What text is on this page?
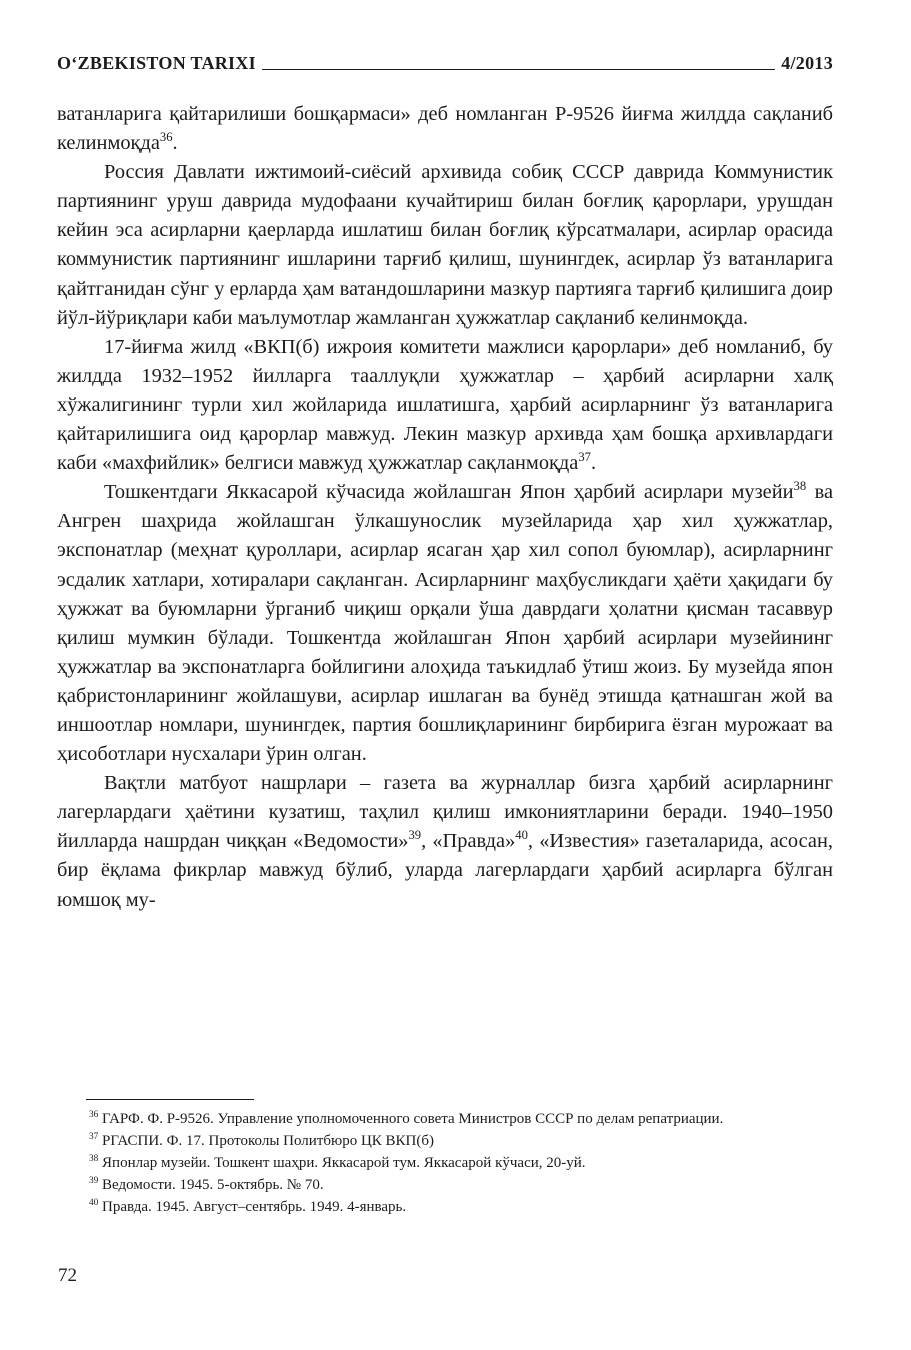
O‘ZBEKISTON TARIXI	4/2013

ватанларига қайтарилиши бошқармаси» деб номланган Р-9526 йиғма жилдда сақланиб келинмоқда$^{36}$.

Россия Давлати ижтимоий-сиёсий архивида собиқ СССР даврида Коммунистик партиянинг уруш даврида мудофаани кучайтириш билан боғлиқ қарорлари, урушдан кейин эса асирларни қаерларда ишлатиш билан боғлиқ кўрсатмалари, асирлар орасида коммунистик партиянинг ишларини тарғиб қилиш, шунингдек, асирлар ўз ватанларига қайтганидан сўнг у ерларда ҳам ватандошларини мазкур партияга тарғиб қилишига доир йўл-йўриқлари каби маълумотлар жамланган ҳужжатлар сақланиб келинмоқда.

17-йиғма жилд «ВКП(б) ижроия комитети мажлиси қарорлари» деб номланиб, бу жилдда 1932–1952 йилларга тааллуқли ҳужжатлар – ҳарбий асирларни халқ хўжалигининг турли хил жойларида ишлатишга, ҳарбий асирларнинг ўз ватанларига қайтарилишига оид қарорлар мавжуд. Лекин мазкур архивда ҳам бошқа архивлардаги каби «махфийлик» белгиси мавжуд ҳужжатлар сақланмоқда$^{37}$.

Тошкентдаги Яккасарой кўчасида жойлашган Япон ҳарбий асирлари музейи$^{38}$ ва Ангрен шаҳрида жойлашган ўлкашунослик музейларида ҳар хил ҳужжатлар, экспонатлар (меҳнат қуроллари, асирлар ясаган ҳар хил сопол буюмлар), асирларнинг эсдалик хатлари, хотиралари сақланган. Асирларнинг маҳбусликдаги ҳаёти ҳақидаги бу ҳужжат ва буюмларни ўрганиб чиқиш орқали ўша даврдаги ҳолатни қисман тасаввур қилиш мумкин бўлади. Тошкентда жойлашган Япон ҳарбий асирлари музейининг ҳужжатлар ва экспонатларга бойлигини алоҳида таъкидлаб ўтиш жоиз. Бу музейда япон қабристонларининг жойлашуви, асирлар ишлаган ва бунёд этишда қатнашган жой ва иншоотлар номлари, шунингдек, партия бошлиқларининг бирбирига ёзган мурожаат ва ҳисоботлари нусхалари ўрин олган.

Вақтли матбуот нашрлари – газета ва журналлар бизга ҳарбий асирларнинг лагерлардаги ҳаётини кузатиш, таҳлил қилиш имкониятларини беради. 1940–1950 йилларда нашрдан чиққан «Ведомости»$^{39}$, «Правда»$^{40}$, «Известия» газеталарида, асосан, бир ёқлама фикрлар мавжуд бўлиб, уларда лагерлардаги ҳарбий асирларга бўлган юмшоқ му-

$^{36}$ ГАРФ. Ф. Р-9526. Управление уполномоченного совета Министров СССР по делам репатриации.

$^{37}$ РГАСПИ. Ф. 17. Протоколы Политбюро ЦК ВКП(б)

$^{38}$ Японлар музейи. Тошкент шаҳри. Яккасарой тум. Яккасарой кўчаси, 20-уй.

$^{39}$ Ведомости. 1945. 5-октябрь. № 70.

$^{40}$ Правда. 1945. Август–сентябрь. 1949. 4-январь.

72
